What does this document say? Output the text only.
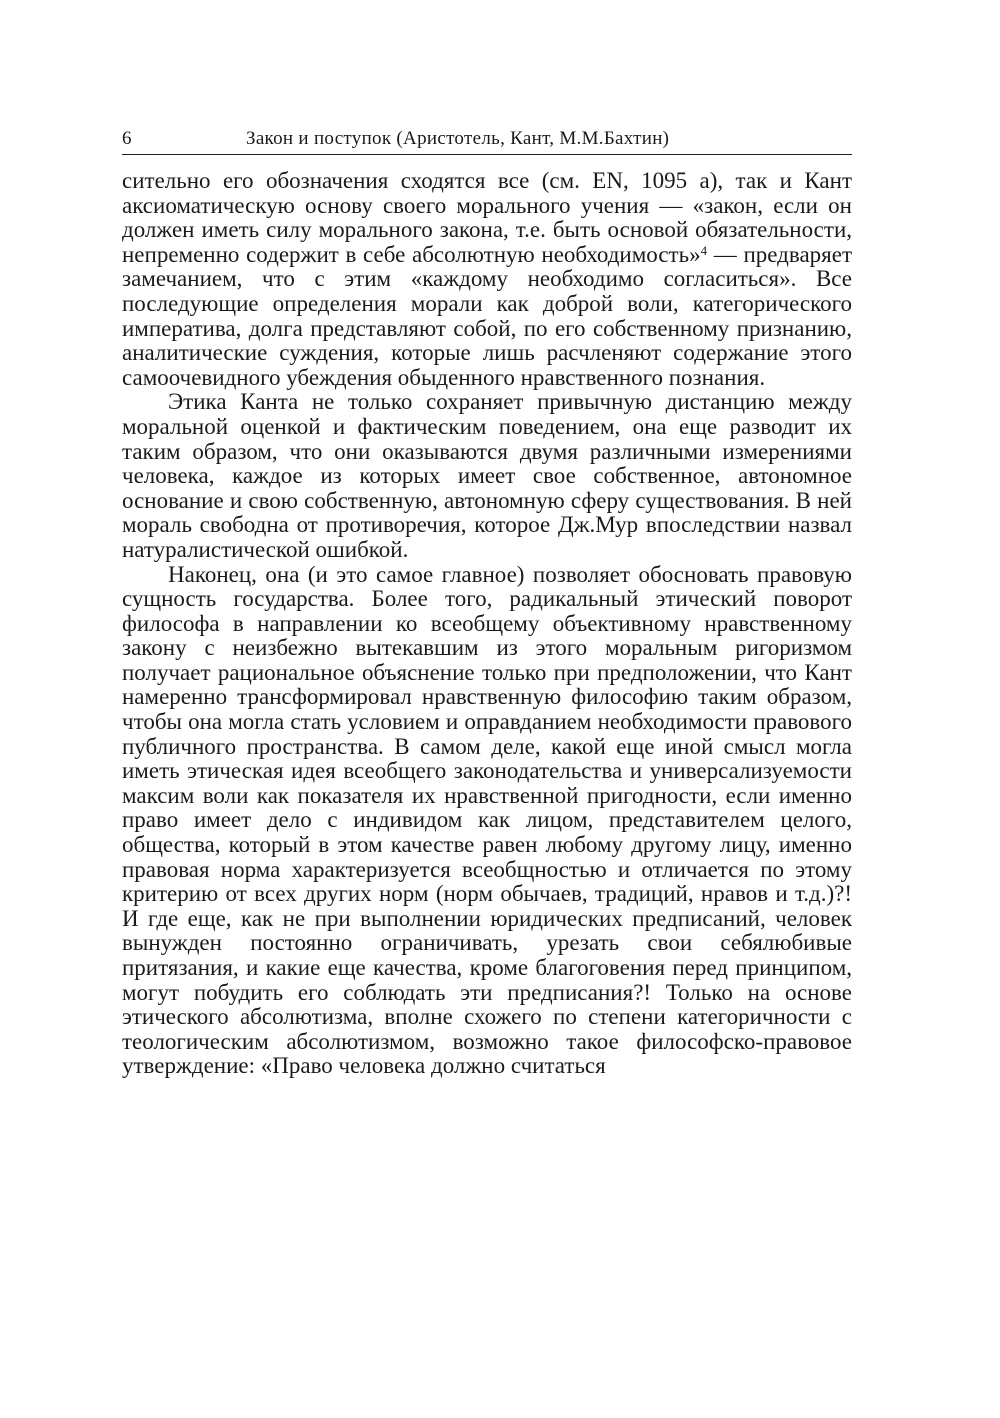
6	Закон и поступок (Аристотель, Кант, М.М.Бахтин)

сительно его обозначения сходятся все (см. EN, 1095 а), так и Кант аксиоматическую основу своего морального учения — «закон, если он должен иметь силу морального закона, т.е. быть основой обязательности, непременно содержит в себе абсолютную необходимость»$^4$ — предваряет замечанием, что с этим «каждому необходимо согласиться». Все последующие определения морали как доброй воли, категорического императива, долга представляют собой, по его собственному признанию, аналитические суждения, которые лишь расчленяют содержание этого самоочевидного убеждения обыденного нравственного познания.

Этика Канта не только сохраняет привычную дистанцию между моральной оценкой и фактическим поведением, она еще разводит их таким образом, что они оказываются двумя различными измерениями человека, каждое из которых имеет свое собственное, автономное основание и свою собственную, автономную сферу существования. В ней мораль свободна от противоречия, которое Дж.Мур впоследствии назвал натуралистической ошибкой.

Наконец, она (и это самое главное) позволяет обосновать правовую сущность государства. Более того, радикальный этический поворот философа в направлении ко всеобщему объективному нравственному закону с неизбежно вытекавшим из этого моральным ригоризмом получает рациональное объяснение только при предположении, что Кант намеренно трансформировал нравственную философию таким образом, чтобы она могла стать условием и оправданием необходимости правового публичного пространства. В самом деле, какой еще иной смысл могла иметь этическая идея всеобщего законодательства и универсализуемости максим воли как показателя их нравственной пригодности, если именно право имеет дело с индивидом как лицом, представителем целого, общества, который в этом качестве равен любому другому лицу, именно правовая норма характеризуется всеобщностью и отличается по этому критерию от всех других норм (норм обычаев, традиций, нравов и т.д.)?! И где еще, как не при выполнении юридических предписаний, человек вынужден постоянно ограничивать, урезать свои себялюбивые притязания, и какие еще качества, кроме благоговения перед принципом, могут побудить его соблюдать эти предписания?! Только на основе этического абсолютизма, вполне схожего по степени категоричности с теологическим абсолютизмом, возможно такое философско-правовое утверждение: «Право человека должно считаться
